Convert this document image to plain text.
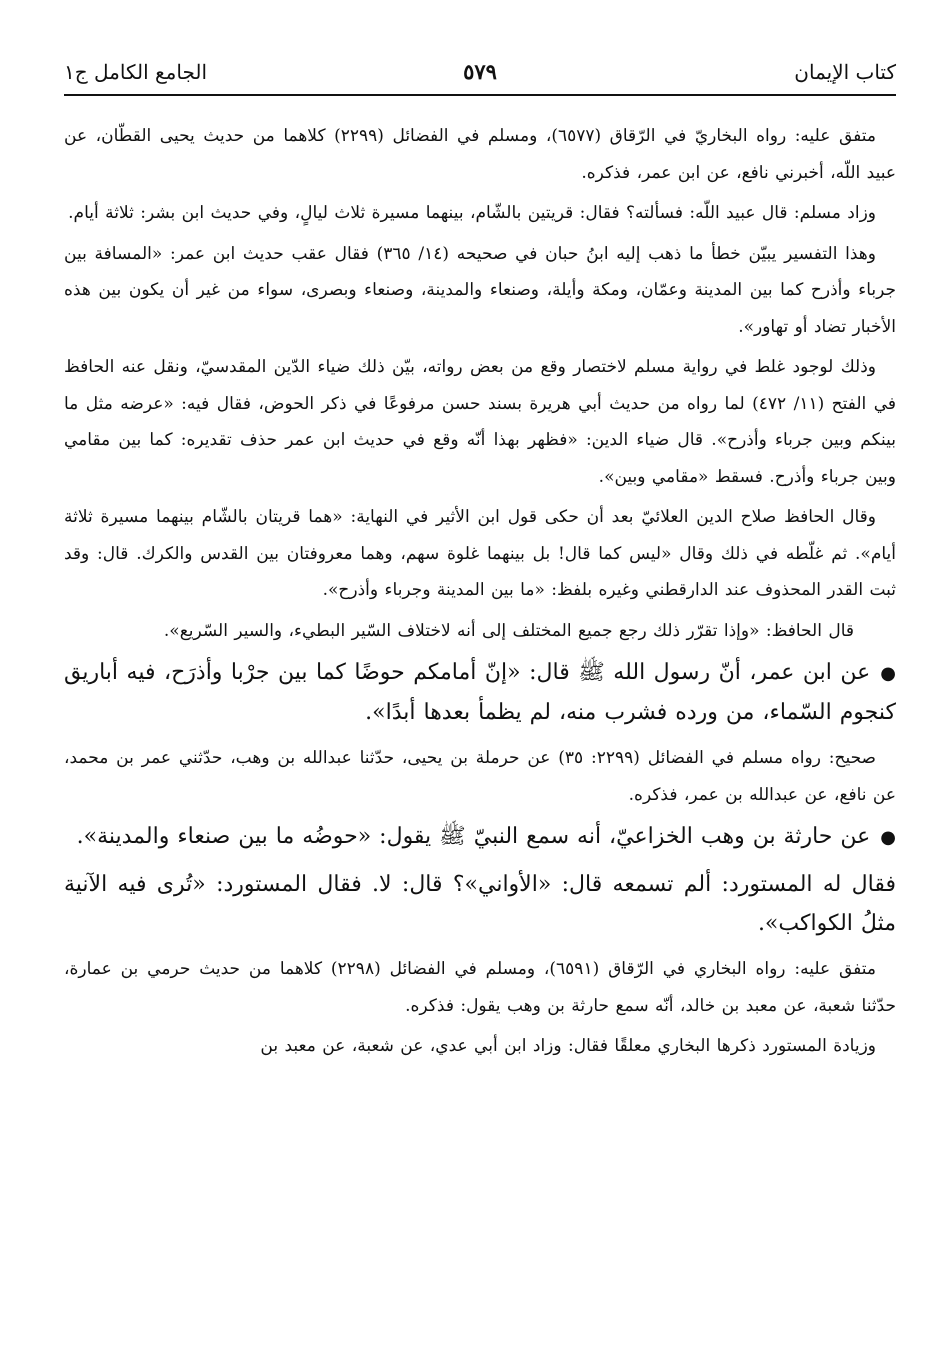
كتاب الإيمان
٥٧٩
الجامع الكامل ج١

متفق عليه: رواه البخاريّ في الرّقاق (٦٥٧٧)، ومسلم في الفضائل (٢٢٩٩) كلاهما من حديث يحيى القطّان، عن عبيد اللّه، أخبرني نافع، عن ابن عمر، فذكره.

وزاد مسلم: قال عبيد اللّه: فسألته؟ فقال: قريتين بالشّام، بينهما مسيرة ثلاث ليالٍ، وفي حديث ابن بشر: ثلاثة أيام.

وهذا التفسير يبيّن خطأ ما ذهب إليه ابنُ حبان في صحيحه (١٤/ ٣٦٥) فقال عقب حديث ابن عمر: «المسافة بين جرباء وأذرح كما بين المدينة وعمّان، ومكة وأيلة، وصنعاء والمدينة، وصنعاء وبصرى، سواء من غير أن يكون بين هذه الأخبار تضاد أو تهاور».

وذلك لوجود غلط في رواية مسلم لاختصار وقع من بعض رواته، بيّن ذلك ضياء الدّين المقدسيّ، ونقل عنه الحافظ في الفتح (١١/ ٤٧٢) لما رواه من حديث أبي هريرة بسند حسن مرفوعًا في ذكر الحوض، فقال فيه: «عرضه مثل ما بينكم وبين جرباء وأذرح». قال ضياء الدين: «فظهر بهذا أنّه وقع في حديث ابن عمر حذف تقديره: كما بين مقامي وبين جرباء وأذرح. فسقط «مقامي وبين».

وقال الحافظ صلاح الدين العلائيّ بعد أن حكى قول ابن الأثير في النهاية: «هما قريتان بالشّام بينهما مسيرة ثلاثة أيام». ثم غلّطه في ذلك وقال «ليس كما قال! بل بينهما غلوة سهم، وهما معروفتان بين القدس والكرك. قال: وقد ثبت القدر المحذوف عند الدارقطني وغيره بلفظ: «ما بين المدينة وجرباء وأذرح».

قال الحافظ: «وإذا تقرّر ذلك رجع جميع المختلف إلى أنه لاختلاف السّير البطيء، والسير السّريع».

●عن ابن عمر، أنّ رسول الله ﷺ قال: «إنّ أمامكم حوضًا كما بين جرْبا وأذرَح، فيه أباريق كنجوم السّماء، من ورده فشرب منه، لم يظمأ بعدها أبدًا».

صحيح: رواه مسلم في الفضائل (٢٢٩٩: ٣٥) عن حرملة بن يحيى، حدّثنا عبدالله بن وهب، حدّثني عمر بن محمد، عن نافع، عن عبدالله بن عمر، فذكره.

●عن حارثة بن وهب الخزاعيّ، أنه سمع النبيّ ﷺ يقول: «حوضُه ما بين صنعاء والمدينة».

فقال له المستورد: ألم تسمعه قال: «الأواني»؟ قال: لا. فقال المستورد: «تُرى فيه الآنية مثلُ الكواكب».

متفق عليه: رواه البخاري في الرّقاق (٦٥٩١)، ومسلم في الفضائل (٢٢٩٨) كلاهما من حديث حرمي بن عمارة، حدّثنا شعبة، عن معبد بن خالد، أنّه سمع حارثة بن وهب يقول: فذكره.

وزيادة المستورد ذكرها البخاري معلقًا فقال: وزاد ابن أبي عدي، عن شعبة، عن معبد بن
